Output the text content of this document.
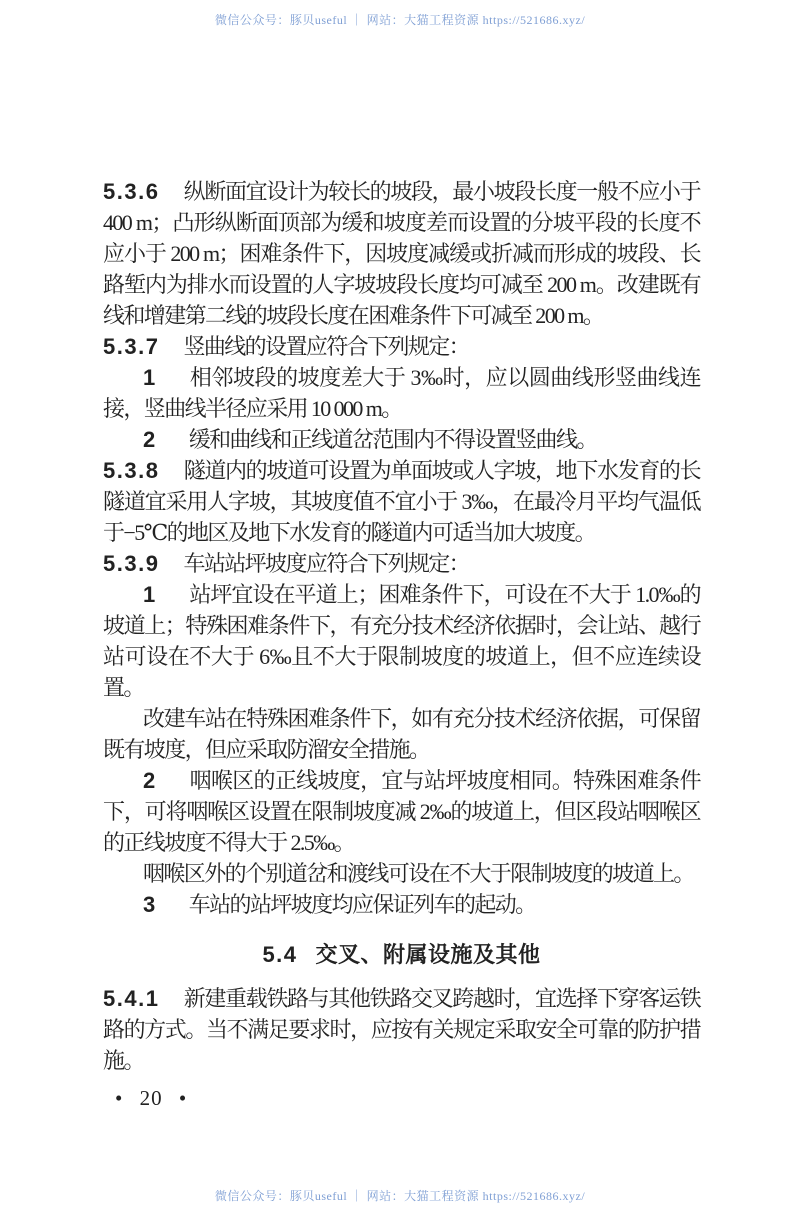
微信公众号：豚贝useful ｜ 网站：大猫工程资源 https://521686.xyz/

5.3.6 纵断面宜设计为较长的坡段，最小坡段长度一般不应小于 400 m；凸形纵断面顶部为缓和坡度差而设置的分坡平段的长度不应小于 200 m；困难条件下，因坡度减缓或折减而形成的坡段、长路堑内为排水而设置的人字坡坡段长度均可减至 200 m。改建既有线和增建第二线的坡段长度在困难条件下可减至 200 m。

5.3.7 竖曲线的设置应符合下列规定：

1 相邻坡段的坡度差大于 3‰时，应以圆曲线形竖曲线连接，竖曲线半径应采用 10 000 m。

2 缓和曲线和正线道岔范围内不得设置竖曲线。

5.3.8 隧道内的坡道可设置为单面坡或人字坡，地下水发育的长隧道宜采用人字坡，其坡度值不宜小于 3‰，在最冷月平均气温低于−5℃的地区及地下水发育的隧道内可适当加大坡度。

5.3.9 车站站坪坡度应符合下列规定：

1 站坪宜设在平道上；困难条件下，可设在不大于 1.0‰的坡道上；特殊困难条件下，有充分技术经济依据时，会让站、越行站可设在不大于 6‰且不大于限制坡度的坡道上，但不应连续设置。

改建车站在特殊困难条件下，如有充分技术经济依据，可保留既有坡度，但应采取防溜安全措施。

2 咽喉区的正线坡度，宜与站坪坡度相同。特殊困难条件下，可将咽喉区设置在限制坡度减 2‰的坡道上，但区段站咽喉区的正线坡度不得大于 2.5‰。

咽喉区外的个别道岔和渡线可设在不大于限制坡度的坡道上。

3 车站的站坪坡度均应保证列车的起动。

5.4 交叉、附属设施及其他

5.4.1 新建重载铁路与其他铁路交叉跨越时，宜选择下穿客运铁路的方式。当不满足要求时，应按有关规定采取安全可靠的防护措施。

• 20 •
微信公众号：豚贝useful ｜ 网站：大猫工程资源 https://521686.xyz/
